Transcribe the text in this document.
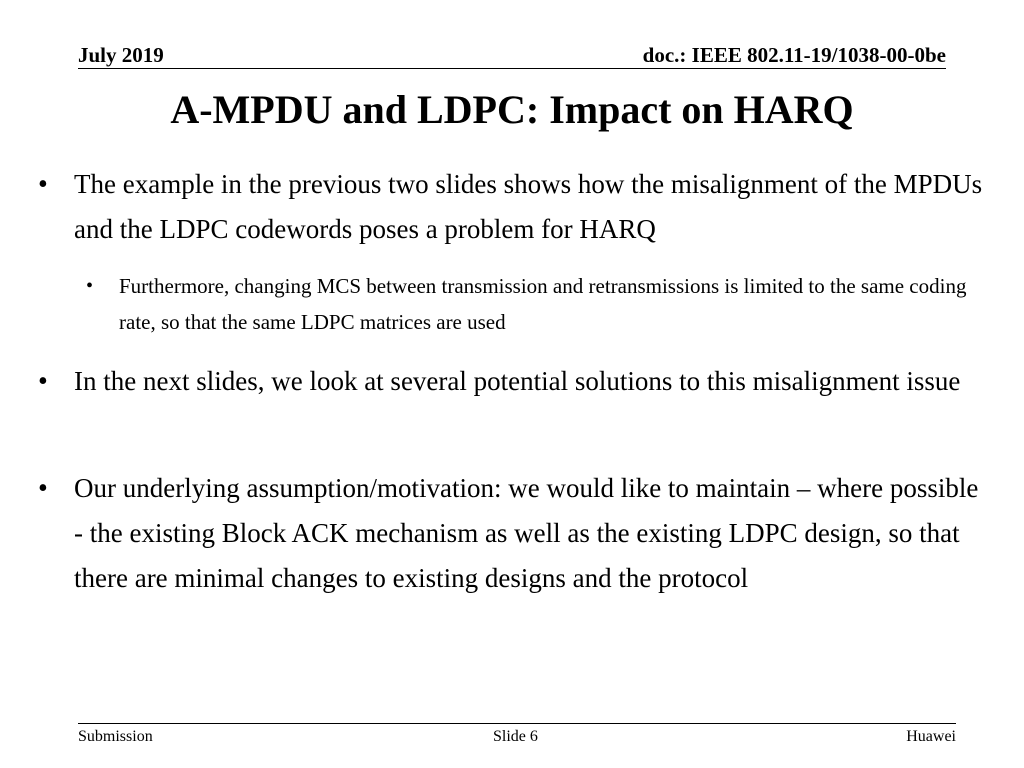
July 2019	doc.: IEEE 802.11-19/1038-00-0be
A-MPDU and LDPC: Impact on HARQ
• The example in the previous two slides shows how the misalignment of the MPDUs and the LDPC codewords poses a problem for HARQ
• Furthermore, changing MCS between transmission and retransmissions is limited to the same coding rate, so that the same LDPC matrices are used
• In the next slides, we look at several potential solutions to this misalignment issue
• Our underlying assumption/motivation: we would like to maintain – where possible - the existing Block ACK mechanism as well as the existing LDPC design, so that there are minimal changes to existing designs and the protocol
Submission	Slide 6	Huawei
